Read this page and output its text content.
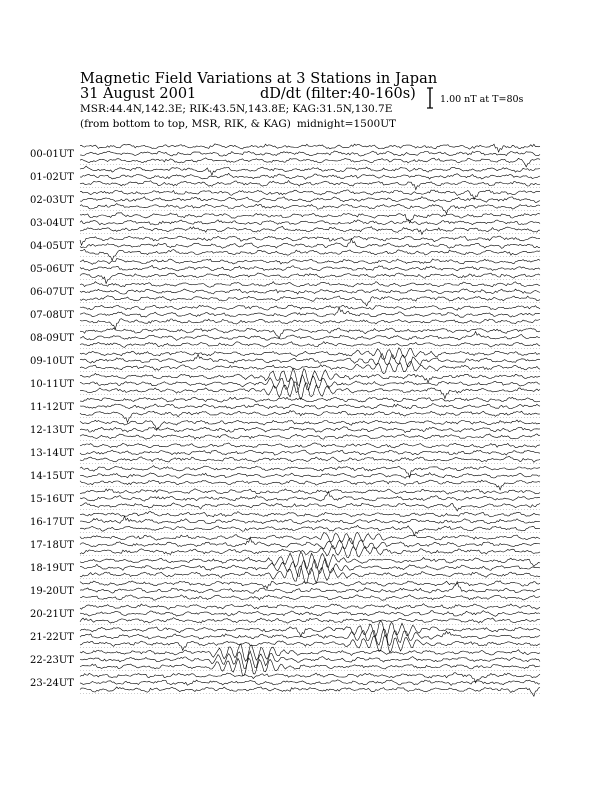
Magnetic Field Variations at 3 Stations in Japan
31 August 2001	dD/dt (filter:40-160s)
MSR:44.4N,142.3E; RIK:43.5N,143.8E; KAG:31.5N,130.7E
(from bottom to top, MSR, RIK, & KAG) midnight=1500UT
1.00 nT at T=80s
00-01UT
01-02UT
02-03UT
03-04UT
04-05UT
05-06UT
06-07UT
07-08UT
08-09UT
09-10UT
10-11UT
11-12UT
12-13UT
13-14UT
14-15UT
15-16UT
16-17UT
17-18UT
18-19UT
19-20UT
20-21UT
21-22UT
22-23UT
23-24UT
